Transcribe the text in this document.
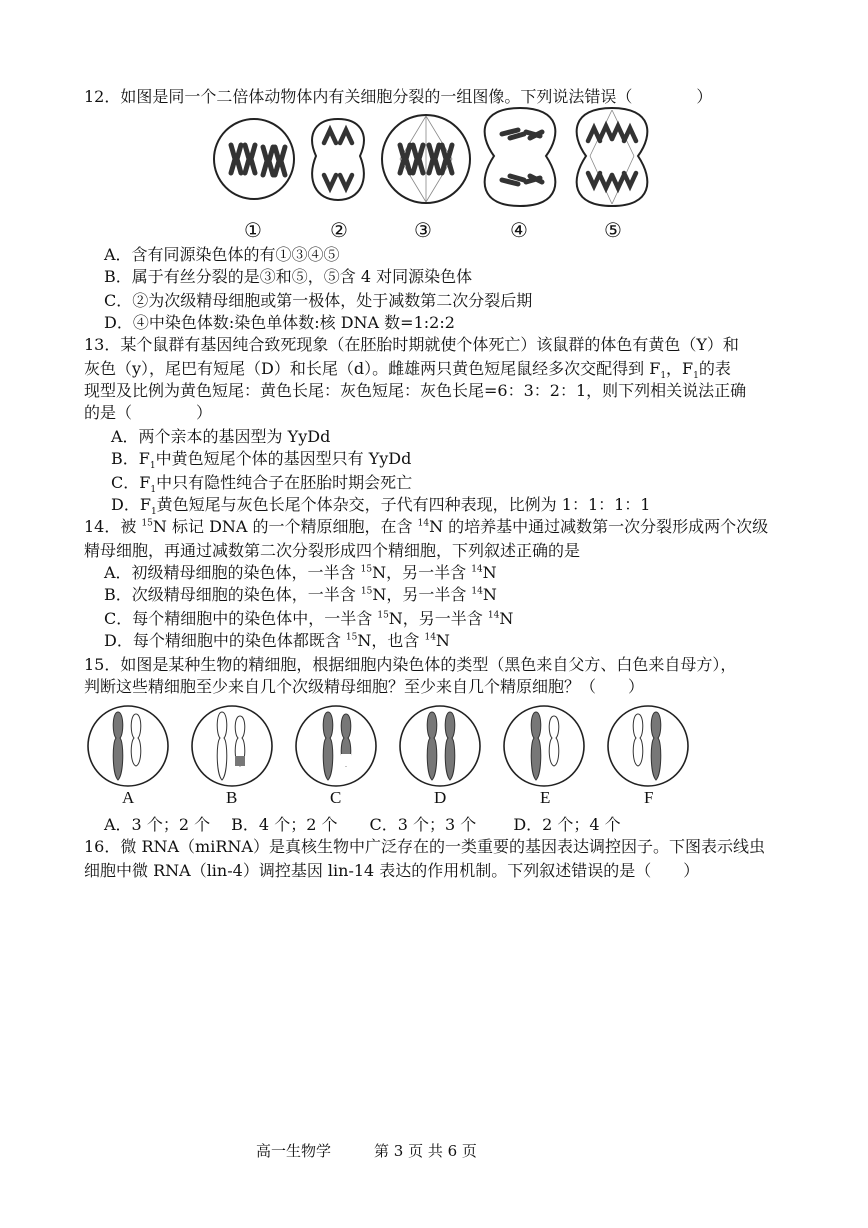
12．如图是同一个二倍体动物体内有关细胞分裂的一组图像。下列说法错误（　　　　）
①	②	③	④	⑤
A．含有同源染色体的有①③④⑤
B．属于有丝分裂的是③和⑤，⑤含 4 对同源染色体
C．②为次级精母细胞或第一极体，处于减数第二次分裂后期
D．④中染色体数:染色单体数:核 DNA 数=1:2:2
13．某个鼠群有基因纯合致死现象（在胚胎时期就使个体死亡）该鼠群的体色有黄色（Y）和
灰色（y），尾巴有短尾（D）和长尾（d）。雌雄两只黄色短尾鼠经多次交配得到 $F_1$，$F_1$的表
现型及比例为黄色短尾：黄色长尾：灰色短尾：灰色长尾=6：3：2：1，则下列相关说法正确
的是（　　　　）
A．两个亲本的基因型为 YyDd
B．$F_1$中黄色短尾个体的基因型只有 YyDd
C．$F_1$中只有隐性纯合子在胚胎时期会死亡
D．$F_1$黄色短尾与灰色长尾个体杂交，子代有四种表现，比例为 1：1：1：1
14．被 $^{15}$N 标记 DNA 的一个精原细胞，在含 $^{14}$N 的培养基中通过减数第一次分裂形成两个次级
精母细胞，再通过减数第二次分裂形成四个精细胞，下列叙述正确的是
A．初级精母细胞的染色体，一半含 $^{15}$N，另一半含 $^{14}$N
B．次级精母细胞的染色体，一半含 $^{15}$N，另一半含 $^{14}$N
C．每个精细胞中的染色体中，一半含 $^{15}$N，另一半含 $^{14}$N
D．每个精细胞中的染色体都既含 $^{15}$N，也含 $^{14}$N
15．如图是某种生物的精细胞，根据细胞内染色体的类型（黑色来自父方、白色来自母方），
判断这些精细胞至少来自几个次级精母细胞？至少来自几个精原细胞？（　　）
A	B	C	D	E	F
A．3 个；2 个　 B．4 个；2 个　　C．3 个；3 个　　 D．2 个；4 个
16．微 RNA（miRNA）是真核生物中广泛存在的一类重要的基因表达调控因子。下图表示线虫
细胞中微 RNA（lin-4）调控基因 lin-14 表达的作用机制。下列叙述错误的是（　　）
高一生物学	第 3 页 共 6 页
